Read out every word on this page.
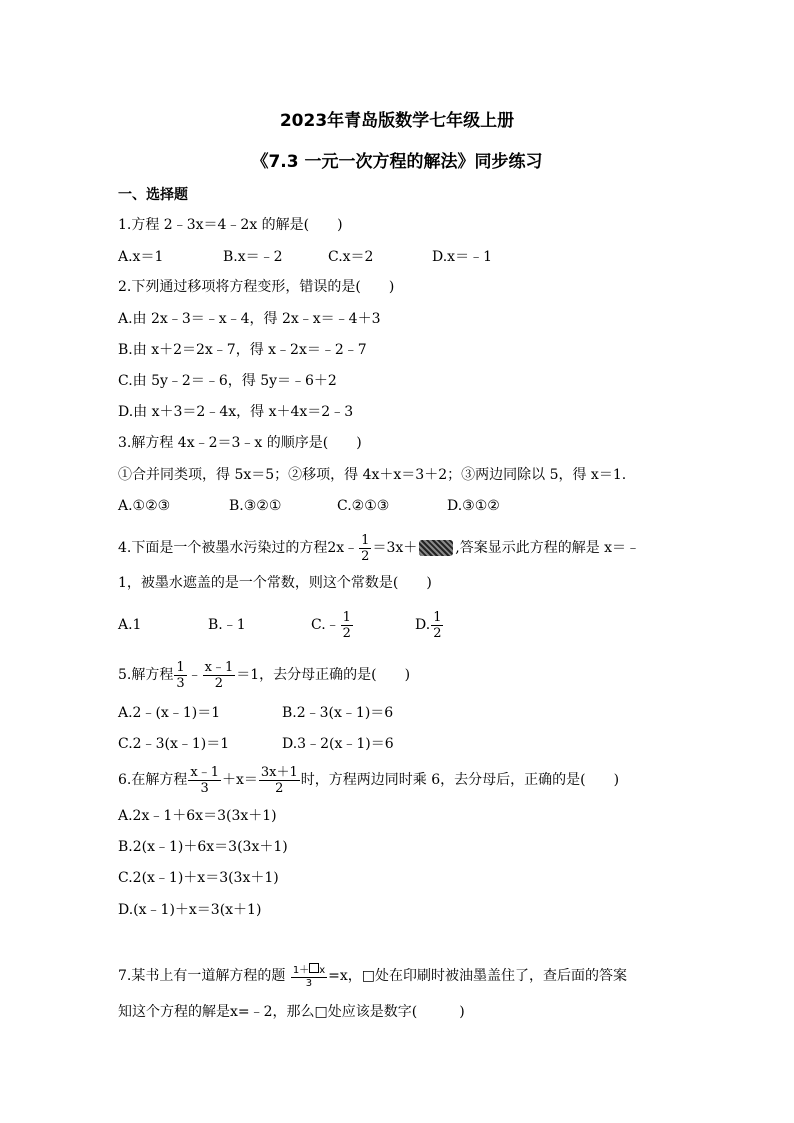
2023年青岛版数学七年级上册
《7.3 一元一次方程的解法》同步练习
一、选择题
1.方程 2﹣3x＝4﹣2x 的解是(　　)
A.x＝1	B.x＝﹣2	C.x＝2	D.x＝﹣1
2.下列通过移项将方程变形，错误的是(　　)
A.由 2x﹣3＝﹣x﹣4，得 2x﹣x＝﹣4＋3
B.由 x＋2＝2x﹣7，得 x﹣2x＝﹣2﹣7
C.由 5y﹣2＝﹣6，得 5y＝﹣6＋2
D.由 x＋3＝2﹣4x，得 x＋4x＝2﹣3
3.解方程 4x﹣2＝3﹣x 的顺序是(　　)
①合并同类项，得 5x＝5；②移项，得 4x＋x＝3＋2；③两边同除以 5，得 x＝1.
A.①②③	B.③②①	C.②①③	D.③①②
4.下面是一个被墨水污染过的方程2x﹣ $\frac{1}{2} =3x+$	,答案显示此方程的解是 x＝﹣
1，被墨水遮盖的是一个常数，则这个常数是(　　)
A.1	B.﹣1	C.﹣ $\frac{1}{2}$	D. $\frac{1}{2}$
5.解方程 $\frac{1}{3}$ ﹣ $\frac{x﹣1}{2} =1$，去分母正确的是(　　)
A.2﹣(x﹣1)＝1	B.2﹣3(x﹣1)＝6
C.2﹣3(x﹣1)＝1	D.3﹣2(x﹣1)＝6
6.在解方程 $\frac{x﹣1}{3} +x= \frac{3x+1}{2}$ 时，方程两边同时乘 6，去分母后，正确的是(　　)
A.2x﹣1＋6x＝3(3x＋1)
B.2(x﹣1)＋6x＝3(3x＋1)
C.2(x﹣1)＋x＝3(3x＋1)
D.(x﹣1)＋x＝3(x＋1)
7.某书上有一道解方程的题 $\frac{1+ x}{3} =x$，□处在印刷时被油墨盖住了，查后面的答案
知这个方程的解是x=﹣2，那么□处应该是数字(　　　)
